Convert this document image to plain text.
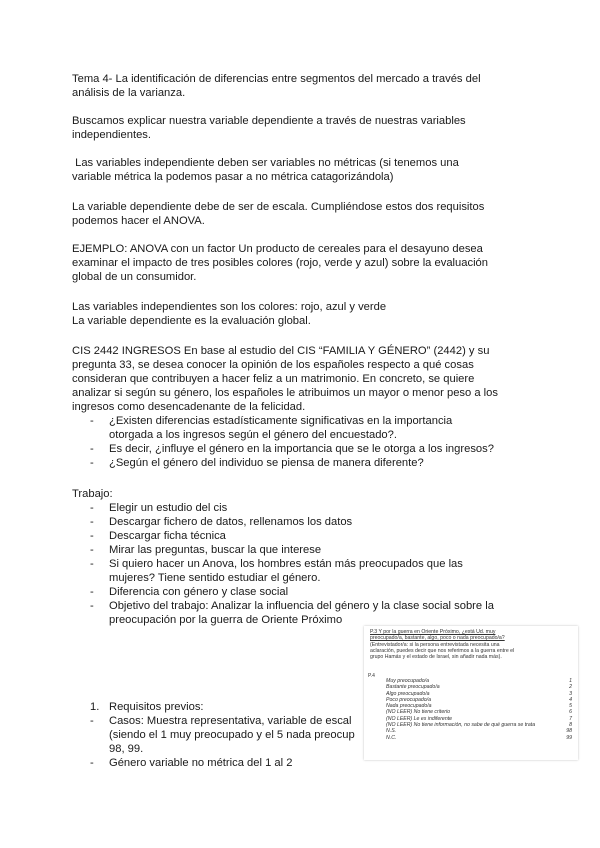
Tema 4- La identificación de diferencias entre segmentos del mercado a través del
análisis de la varianza.

Buscamos explicar nuestra variable dependiente a través de nuestras variables
independientes.

Las variables independiente deben ser variables no métricas (si tenemos una
variable métrica la podemos pasar a no métrica catagorizándola)

La variable dependiente debe de ser de escala. Cumpliéndose estos dos requisitos
podemos hacer el ANOVA.

EJEMPLO: ANOVA con un factor Un producto de cereales para el desayuno desea
examinar el impacto de tres posibles colores (rojo, verde y azul) sobre la evaluación
global de un consumidor.

Las variables independientes son los colores: rojo, azul y verde
La variable dependiente es la evaluación global.

CIS 2442 INGRESOS En base al estudio del CIS “FAMILIA Y GÉNERO” (2442) y su
pregunta 33, se desea conocer la opinión de los españoles respecto a qué cosas
consideran que contribuyen a hacer feliz a un matrimonio. En concreto, se quiere
analizar si según su género, los españoles le atribuimos un mayor o menor peso a los
ingresos como desencadenante de la felicidad.

- ¿Existen diferencias estadísticamente significativas en la importancia
otorgada a los ingresos según el género del encuestado?.
- Es decir, ¿influye el género en la importancia que se le otorga a los ingresos?
- ¿Según el género del individuo se piensa de manera diferente?

Trabajo:

- Elegir un estudio del cis
- Descargar fichero de datos, rellenamos los datos
- Descargar ficha técnica
- Mirar las preguntas, buscar la que interese
- Si quiero hacer un Anova, los hombres están más preocupados que las
mujeres? Tiene sentido estudiar el género.
- Diferencia con género y clase social
- Objetivo del trabajo: Analizar la influencia del género y la clase social sobre la
preocupación por la guerra de Oriente Próximo
1. Requisitos previos:
- Casos: Muestra representativa, variable de escal
(siendo el 1 muy preocupado y el 5 nada preocup
98, 99.
- Género variable no métrica del 1 al 2
P.3 Y por la guerra en Oriente Próximo, ¿está Ud. muy
preocupado/a, bastante, algo, poco o nada preocupado/a?
(Entrevistador/a: si la persona entrevistada necesita una
aclaración, puedes decir que nos referimos a la guerra entre el
grupo Hamás y el estado de Israel, sin añadir nada más).
P.4
Muy preocupado/a	1
Bastante preocupado/a	2
Algo preocupado/a	3
Poco preocupado/a	4
Nada preocupado/a	5
(NO LEER) No tiene criterio	6
(NO LEER) Le es indiferente	7
(NO LEER) No tiene información, no sabe de qué guerra se trata	8
N.S.	98
N.C.	99
